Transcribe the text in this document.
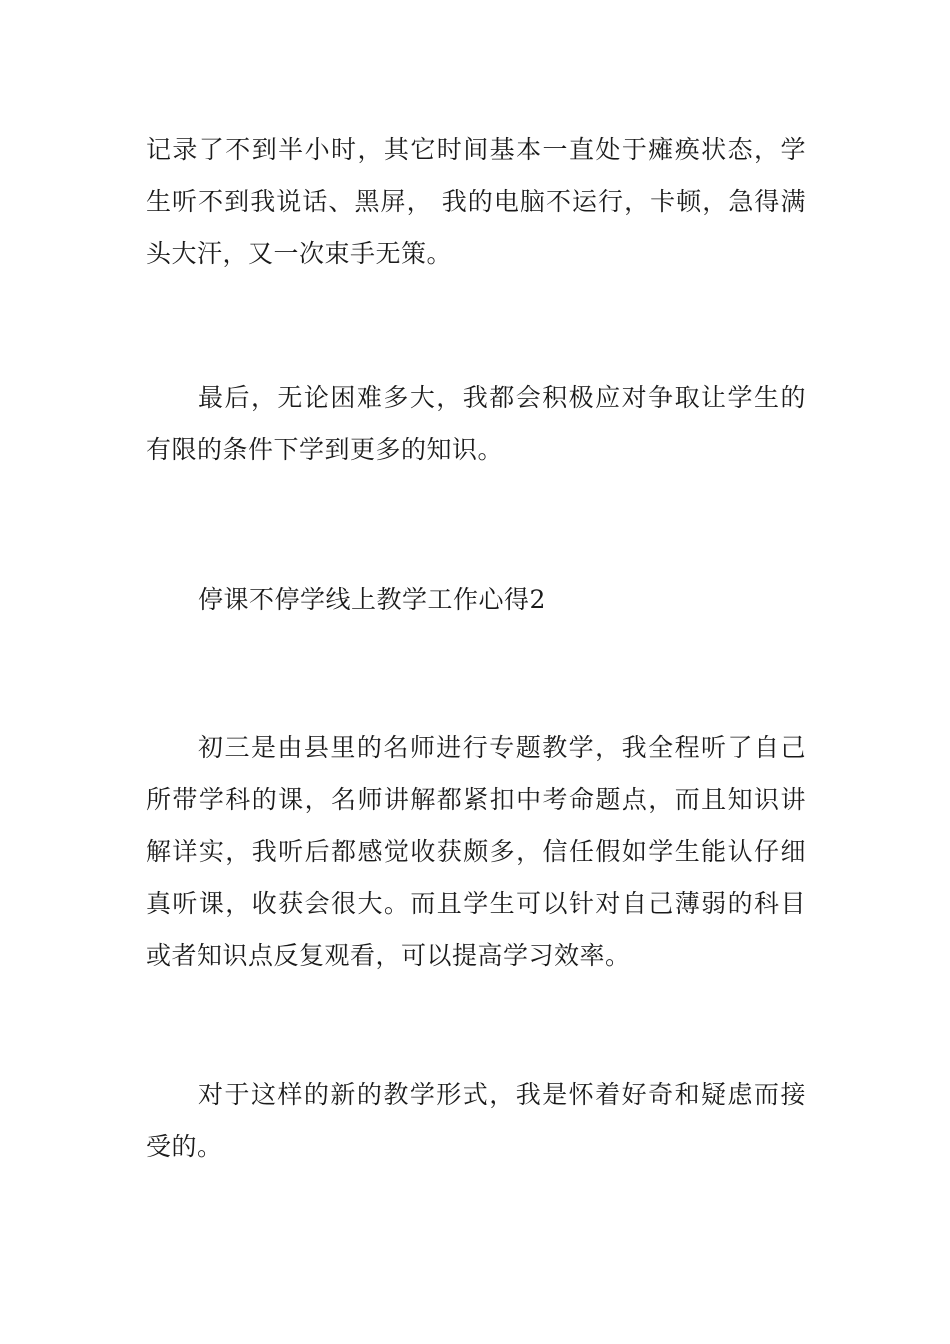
记录了不到半小时，其它时间基本一直处于瘫痪状态，学生听不到我说话、黑屏， 我的电脑不运行，卡顿，急得满头大汗，又一次束手无策。

最后，无论困难多大，我都会积极应对争取让学生的有限的条件下学到更多的知识。

停课不停学线上教学工作心得2

初三是由县里的名师进行专题教学，我全程听了自己所带学科的课，名师讲解都紧扣中考命题点，而且知识讲解详实，我听后都感觉收获颇多，信任假如学生能认仔细真听课，收获会很大。而且学生可以针对自己薄弱的科目或者知识点反复观看，可以提高学习效率。

对于这样的新的教学形式，我是怀着好奇和疑虑而接受的。
